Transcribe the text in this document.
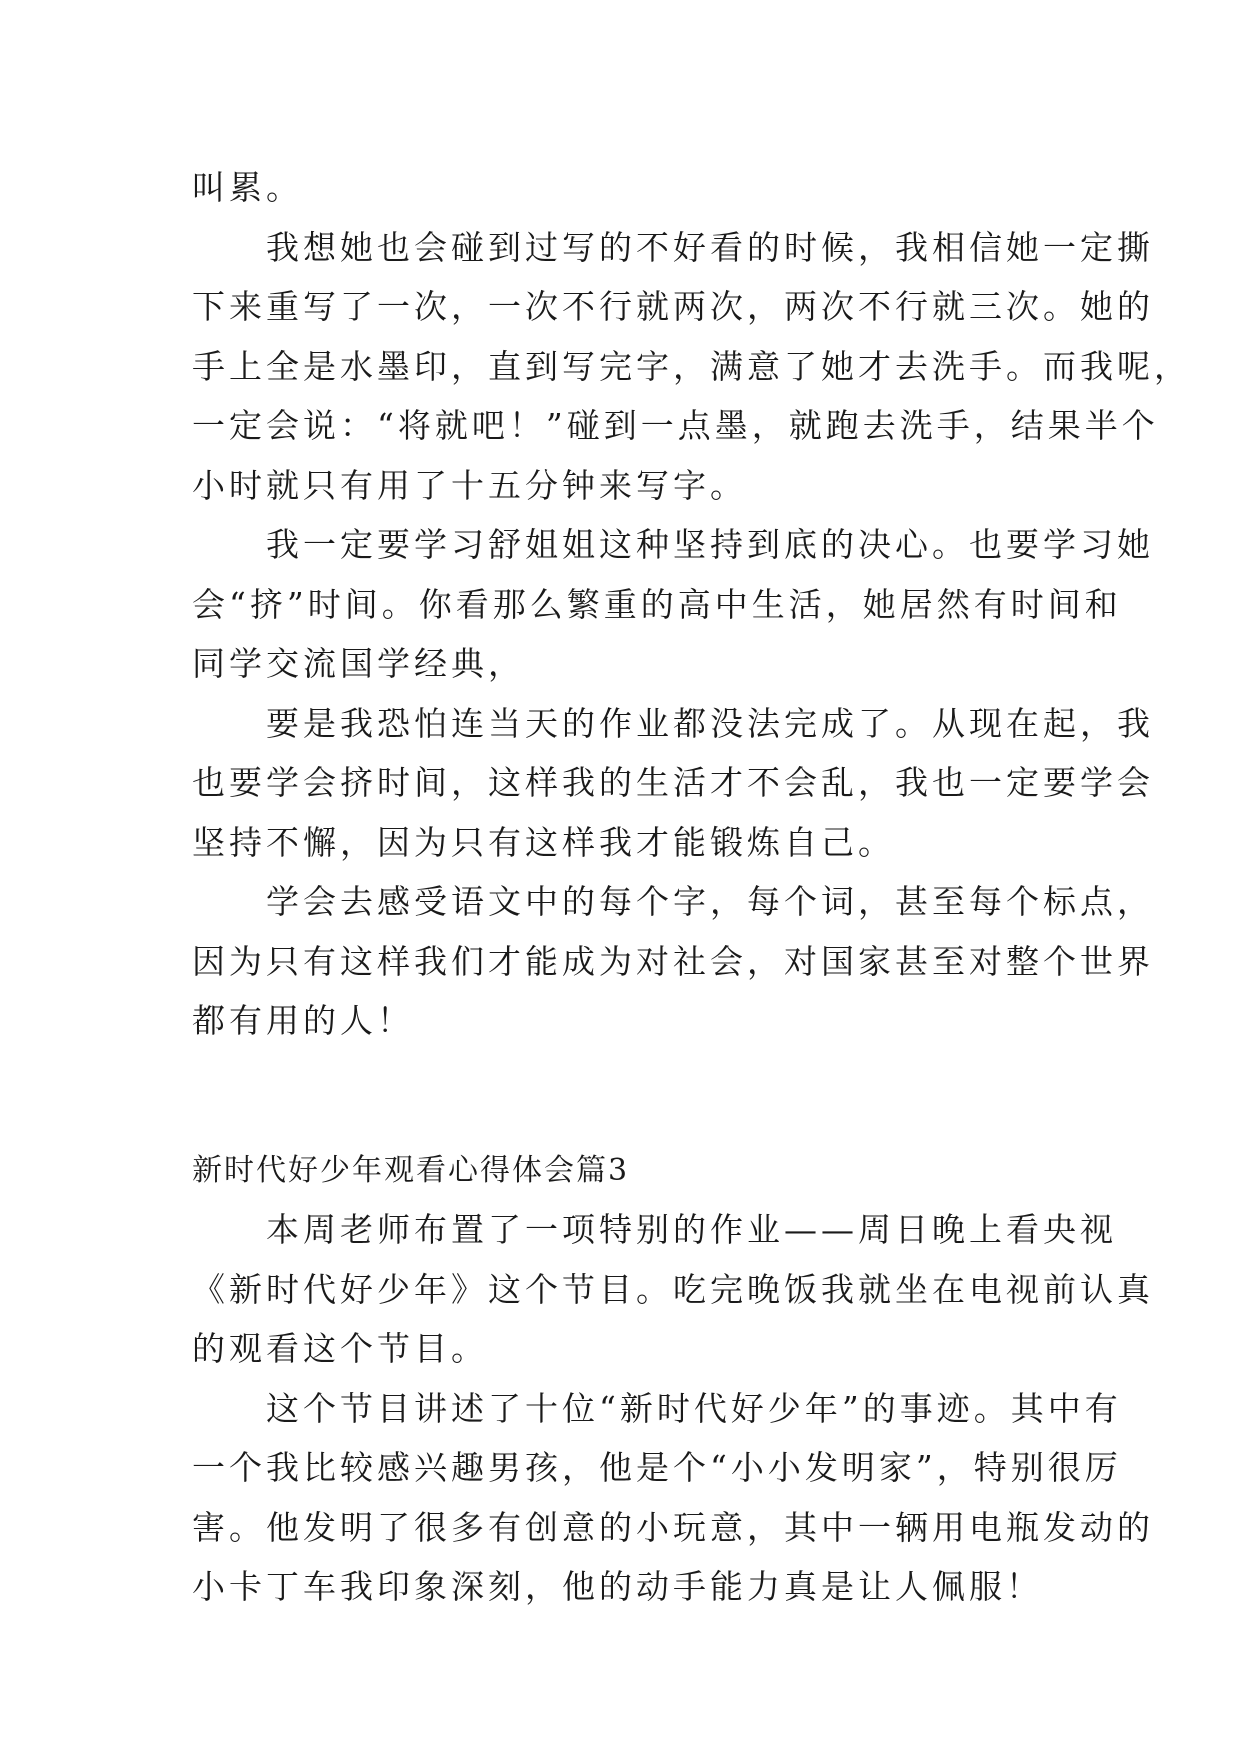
叫累。

我想她也会碰到过写的不好看的时候，我相信她一定撕

下来重写了一次，一次不行就两次，两次不行就三次。她的

手上全是水墨印，直到写完字，满意了她才去洗手。而我呢，

一定会说：“将就吧！”碰到一点墨，就跑去洗手，结果半个

小时就只有用了十五分钟来写字。

我一定要学习舒姐姐这种坚持到底的决心。也要学习她

会“挤”时间。你看那么繁重的高中生活，她居然有时间和

同学交流国学经典，

要是我恐怕连当天的作业都没法完成了。从现在起，我

也要学会挤时间，这样我的生活才不会乱，我也一定要学会

坚持不懈，因为只有这样我才能锻炼自己。

学会去感受语文中的每个字，每个词，甚至每个标点，

因为只有这样我们才能成为对社会，对国家甚至对整个世界

都有用的人！

新时代好少年观看心得体会篇3

本周老师布置了一项特别的作业——周日晚上看央视

《新时代好少年》这个节目。吃完晚饭我就坐在电视前认真

的观看这个节目。

这个节目讲述了十位“新时代好少年”的事迹。其中有

一个我比较感兴趣男孩，他是个“小小发明家”，特别很厉

害。他发明了很多有创意的小玩意，其中一辆用电瓶发动的

小卡丁车我印象深刻，他的动手能力真是让人佩服！
